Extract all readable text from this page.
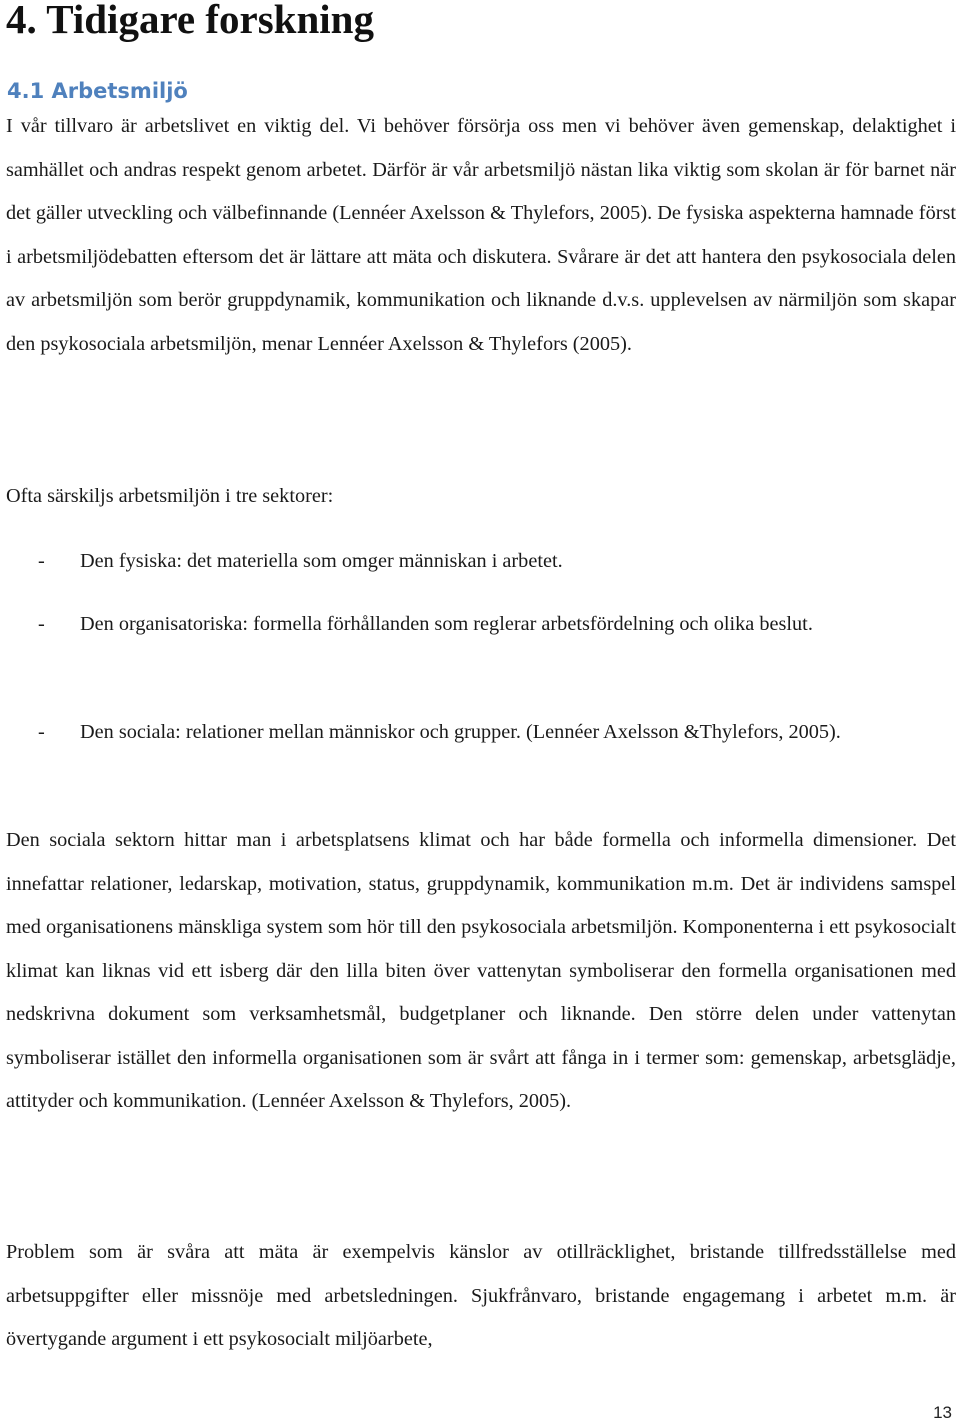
4. Tidigare forskning
4.1 Arbetsmiljö

I vår tillvaro är arbetslivet en viktig del. Vi behöver försörja oss men vi behöver även gemenskap, delaktighet i samhället och andras respekt genom arbetet. Därför är vår arbetsmiljö nästan lika viktig som skolan är för barnet när det gäller utveckling och välbefinnande (Lennéer Axelsson & Thylefors, 2005). De fysiska aspekterna hamnade först i arbetsmiljödebatten eftersom det är lättare att mäta och diskutera. Svårare är det att hantera den psykosociala delen av arbetsmiljön som berör gruppdynamik, kommunikation och liknande d.v.s. upplevelsen av närmiljön som skapar den psykosociala arbetsmiljön, menar Lennéer Axelsson & Thylefors (2005).

Ofta särskiljs arbetsmiljön i tre sektorer:

- Den fysiska: det materiella som omger människan i arbetet.
- Den organisatoriska: formella förhållanden som reglerar arbetsfördelning och olika beslut.
- Den sociala: relationer mellan människor och grupper. (Lennéer Axelsson &Thylefors, 2005).

Den sociala sektorn hittar man i arbetsplatsens klimat och har både formella och informella dimensioner. Det innefattar relationer, ledarskap, motivation, status, gruppdynamik, kommunikation m.m. Det är individens samspel med organisationens mänskliga system som hör till den psykosociala arbetsmiljön. Komponenterna i ett psykosocialt klimat kan liknas vid ett isberg där den lilla biten över vattenytan symboliserar den formella organisationen med nedskrivna dokument som verksamhetsmål, budgetplaner och liknande. Den större delen under vattenytan symboliserar istället den informella organisationen som är svårt att fånga in i termer som: gemenskap, arbetsglädje, attityder och kommunikation. (Lennéer Axelsson & Thylefors, 2005).

Problem som är svåra att mäta är exempelvis känslor av otillräcklighet, bristande tillfredsställelse med arbetsuppgifter eller missnöje med arbetsledningen. Sjukfrånvaro, bristande engagemang i arbetet m.m. är övertygande argument i ett psykosocialt miljöarbete,

13
